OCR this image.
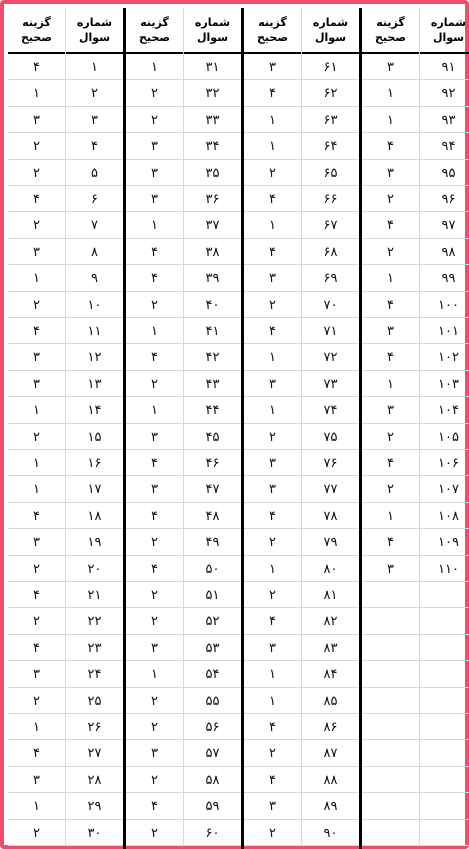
شماره
سوال
گزینه
صحیح
۱
۴
۲
۱
۳
۳
۴
۲
۵
۲
۶
۴
۷
۲
۸
۳
۹
۱
۱۰
۲
۱۱
۴
۱۲
۳
۱۳
۳
۱۴
۱
۱۵
۲
۱۶
۱
۱۷
۱
۱۸
۴
۱۹
۳
۲۰
۲
۲۱
۴
۲۲
۲
۲۳
۴
۲۴
۳
۲۵
۲
۲۶
۱
۲۷
۴
۲۸
۳
۲۹
۱
۳۰
۲
شماره
سوال
گزینه
صحیح
۳۱
۱
۳۲
۲
۳۳
۲
۳۴
۳
۳۵
۳
۳۶
۳
۳۷
۱
۳۸
۴
۳۹
۴
۴۰
۲
۴۱
۱
۴۲
۴
۴۳
۲
۴۴
۱
۴۵
۳
۴۶
۴
۴۷
۳
۴۸
۴
۴۹
۲
۵۰
۴
۵۱
۲
۵۲
۲
۵۳
۳
۵۴
۱
۵۵
۲
۵۶
۲
۵۷
۳
۵۸
۲
۵۹
۴
۶۰
۲
شماره
سوال
گزینه
صحیح
۶۱
۳
۶۲
۴
۶۳
۱
۶۴
۱
۶۵
۲
۶۶
۴
۶۷
۱
۶۸
۴
۶۹
۳
۷۰
۲
۷۱
۴
۷۲
۱
۷۳
۳
۷۴
۱
۷۵
۲
۷۶
۳
۷۷
۳
۷۸
۴
۷۹
۲
۸۰
۱
۸۱
۲
۸۲
۴
۸۳
۳
۸۴
۱
۸۵
۱
۸۶
۴
۸۷
۲
۸۸
۴
۸۹
۳
۹۰
۲
شماره
سوال
گزینه
صحیح
۹۱
۳
۹۲
۱
۹۳
۱
۹۴
۴
۹۵
۳
۹۶
۲
۹۷
۴
۹۸
۲
۹۹
۱
۱۰۰
۴
۱۰۱
۳
۱۰۲
۴
۱۰۳
۱
۱۰۴
۳
۱۰۵
۲
۱۰۶
۴
۱۰۷
۲
۱۰۸
۱
۱۰۹
۴
۱۱۰
۳
